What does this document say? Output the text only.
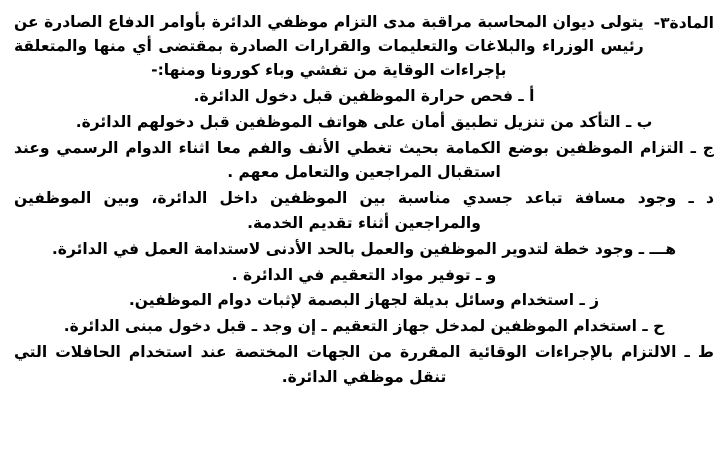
المادة٣-
يتولى ديوان المحاسبة مراقبة مدى التزام موظفي الدائرة بأوامر الدفاع الصادرة عن رئيس الوزراء والبلاغات والتعليمات والقرارات الصادرة بمقتضى أي منها والمتعلقة بإجراءات الوقاية من تفشي وباء كورونا ومنها:-
أ ـ فحص حرارة الموظفين قبل دخول الدائرة.
ب ـ التأكد من تنزيل تطبيق أمان على هواتف الموظفين قبل دخولهم الدائرة.
ج ـ التزام الموظفين بوضع الكمامة بحيث تغطي الأنف والفم معا اثناء الدوام الرسمي وعند استقبال المراجعين والتعامل معهم .
د ـ وجود مسافة تباعد جسدي مناسبة بين الموظفين داخل الدائرة، وبين الموظفين والمراجعين أثناء تقديم الخدمة.
هـــ ـ وجود خطة لتدوير الموظفين والعمل بالحد الأدنى لاستدامة العمل في الدائرة.
و ـ توفير مواد التعقيم في الدائرة .
ز ـ استخدام وسائل بديلة لجهاز البصمة لإثبات دوام الموظفين.
ح ـ استخدام الموظفين لمدخل جهاز التعقيم ـ إن وجد ـ قبل دخول مبنى الدائرة.
ط ـ الالتزام بالإجراءات الوقائية المقررة من الجهات المختصة عند استخدام الحافلات التي تنقل موظفي الدائرة.
